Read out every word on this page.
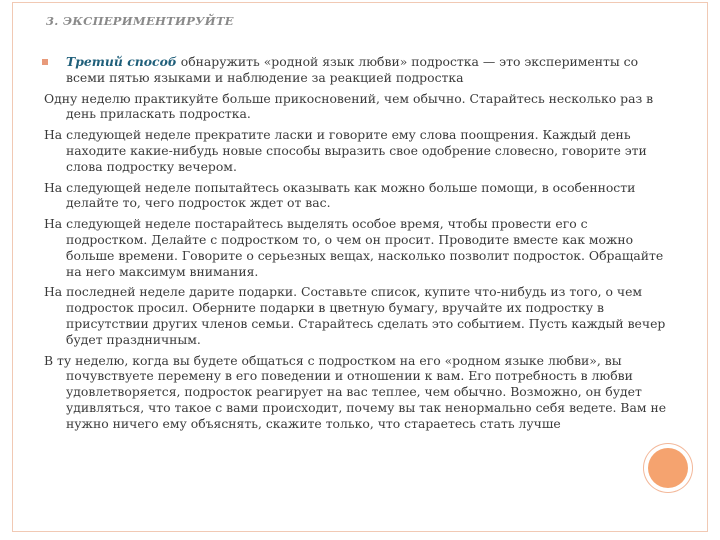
3. ЭКСПЕРИМЕНТИРУЙТЕ

Третий способ обнаружить «родной язык любви» подростка — это эксперименты со всеми пятью языками и наблюдение за реакцией подростка

Одну неделю практикуйте больше прикосновений, чем обычно. Старайтесь несколько раз в день приласкать подростка.

На следующей неделе прекратите ласки и говорите ему слова поощрения. Каждый день находите какие-нибудь новые способы выразить свое одобрение словесно, говорите эти слова подростку вечером.

На следующей неделе попытайтесь оказывать как можно больше помощи, в особенности делайте то, чего подросток ждет от вас.

На следующей неделе постарайтесь выделять особое время, чтобы провести его с подростком. Делайте с подростком то, о чем он просит. Проводите вместе как можно больше времени. Говорите о серьезных вещах, насколько позволит подросток. Обращайте на него максимум внимания.

На последней неделе дарите подарки. Составьте список, купите что-нибудь из того, о чем подросток просил. Оберните подарки в цветную бумагу, вручайте их подростку в присутствии других членов семьи. Старайтесь сделать это событием. Пусть каждый вечер будет праздничным.

В ту неделю, когда вы будете общаться с подростком на его «родном языке любви», вы почувствуете перемену в его поведении и отношении к вам. Его потребность в любви удовлетворяется, подросток реагирует на вас теплее, чем обычно. Возможно, он будет удивляться, что такое с вами происходит, почему вы так ненормально себя ведете. Вам не нужно ничего ему объяснять, скажите только, что стараетесь стать лучше
